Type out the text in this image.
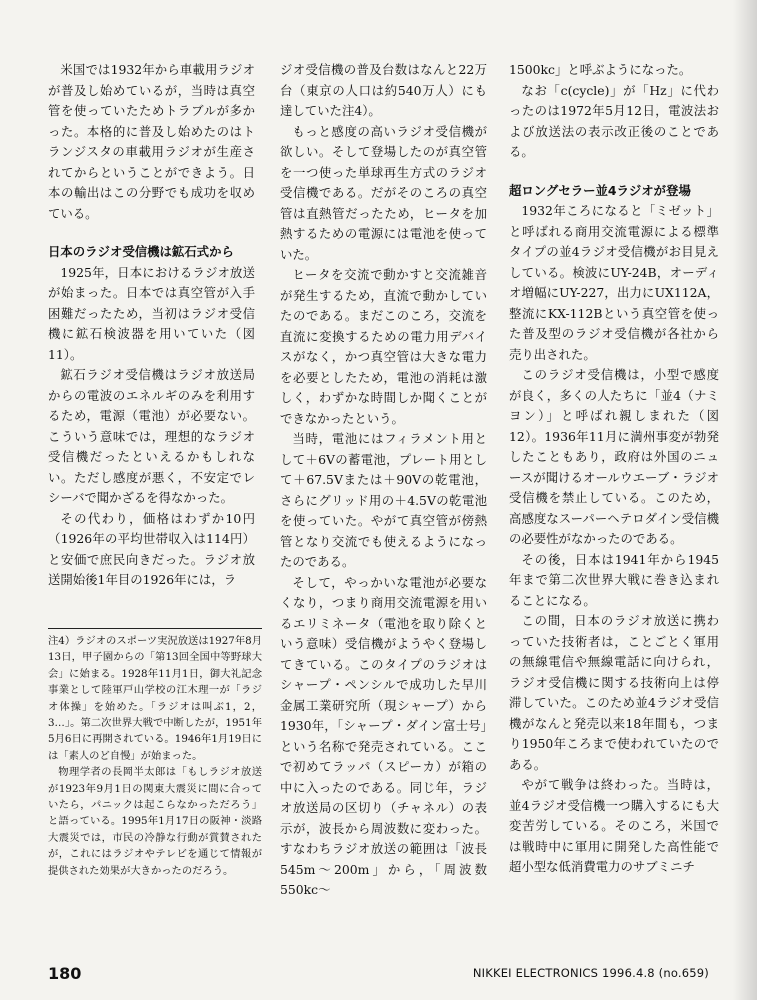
米国では1932年から車載用ラジオが普及し始めているが，当時は真空管を使っていたためトラブルが多かった。本格的に普及し始めたのはトランジスタの車載用ラジオが生産されてからということができよう。日本の輸出はこの分野でも成功を収めている。

日本のラジオ受信機は鉱石式から

1925年，日本におけるラジオ放送が始まった。日本では真空管が入手困難だったため，当初はラジオ受信機に鉱石検波器を用いていた（図11）。

鉱石ラジオ受信機はラジオ放送局からの電波のエネルギのみを利用するため，電源（電池）が必要ない。こういう意味では，理想的なラジオ受信機だったといえるかもしれない。ただし感度が悪く，不安定でレシーバで聞かざるを得なかった。

その代わり，価格はわずか10円（1926年の平均世帯収入は114円）と安価で庶民向きだった。ラジオ放送開始後1年目の1926年には，ラ

注4）ラジオのスポーツ実況放送は1927年8月13日，甲子園からの「第13回全国中等野球大会」に始まる。1928年11月1日，御大礼記念事業として陸軍戸山学校の江木理一が「ラジオ体操」を始めた。「ラジオは叫ぶ1，2，3…」。第二次世界大戦で中断したが，1951年5月6日に再開されている。1946年1月19日には「素人のど自慢」が始まった。

物理学者の長岡半太郎は「もしラジオ放送が1923年9月1日の関東大震災に間に合っていたら，パニックは起こらなかっただろう」と語っている。1995年1月17日の阪神・淡路大震災では，市民の冷静な行動が賞賛されたが，これにはラジオやテレビを通じて情報が提供された効果が大きかったのだろう。

ジオ受信機の普及台数はなんと22万台（東京の人口は約540万人）にも達していた注4）。

もっと感度の高いラジオ受信機が欲しい。そして登場したのが真空管を一つ使った単球再生方式のラジオ受信機である。だがそのころの真空管は直熱管だったため，ヒータを加熱するための電源には電池を使っていた。

ヒータを交流で動かすと交流雑音が発生するため，直流で動かしていたのである。まだこのころ，交流を直流に変換するための電力用デバイスがなく，かつ真空管は大きな電力を必要としたため，電池の消耗は激しく，わずかな時間しか聞くことができなかったという。

当時，電池にはフィラメント用として＋6Vの蓄電池，プレート用として＋67.5Vまたは＋90Vの乾電池，さらにグリッド用の＋4.5Vの乾電池を使っていた。やがて真空管が傍熱管となり交流でも使えるようになったのである。

そして，やっかいな電池が必要なくなり，つまり商用交流電源を用いるエリミネータ（電池を取り除くという意味）受信機がようやく登場してきている。このタイプのラジオはシャープ・ペンシルで成功した早川金属工業研究所（現シャープ）から1930年，「シャープ・ダイン富士号」という名称で発売されている。ここで初めてラッパ（スピーカ）が箱の中に入ったのである。同じ年，ラジオ放送局の区切り（チャネル）の表示が，波長から周波数に変わった。すなわちラジオ放送の範囲は「波長545m～200m」から，「周波数550kc～

1500kc」と呼ぶようになった。

なお「c(cycle)」が「Hz」に代わったのは1972年5月12日，電波法および放送法の表示改正後のことである。

超ロングセラー並4ラジオが登場

1932年ころになると「ミゼット」と呼ばれる商用交流電源による標準タイプの並4ラジオ受信機がお目見えしている。検波にUY-24B，オーディオ増幅にUY-227，出力にUX112A，整流にKX-112Bという真空管を使った普及型のラジオ受信機が各社から売り出された。

このラジオ受信機は，小型で感度が良く，多くの人たちに「並4（ナミヨン）」と呼ばれ親しまれた（図12）。1936年11月に満州事変が勃発したこともあり，政府は外国のニュースが聞けるオールウエーブ・ラジオ受信機を禁止している。このため，高感度なスーパーヘテロダイン受信機の必要性がなかったのである。

その後，日本は1941年から1945年まで第二次世界大戦に巻き込まれることになる。

この間，日本のラジオ放送に携わっていた技術者は，ことごとく軍用の無線電信や無線電話に向けられ，ラジオ受信機に関する技術向上は停滞していた。このため並4ラジオ受信機がなんと発売以来18年間も，つまり1950年ころまで使われていたのである。

やがて戦争は終わった。当時は，並4ラジオ受信機一つ購入するにも大変苦労している。そのころ，米国では戦時中に軍用に開発した高性能で超小型な低消費電力のサブミニチ

180	NIKKEI ELECTRONICS 1996.4.8 (no.659)
